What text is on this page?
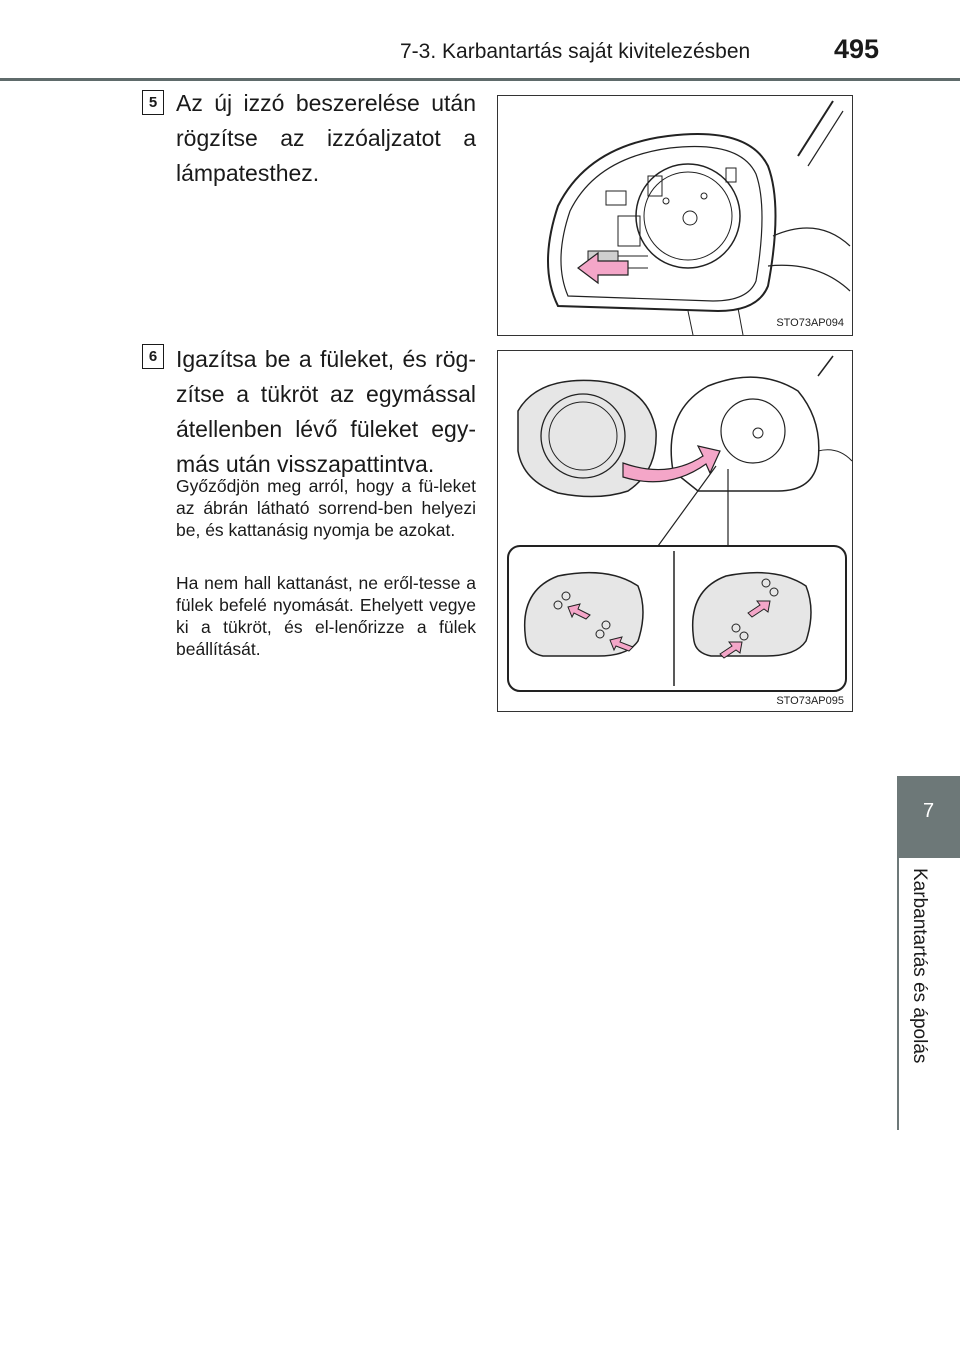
7-3. Karbantartás saját kivitelezésben	495
7
Karbantartás és ápolás
5 Az új izzó beszerelése után rögzítse az izzóaljzatot a lámpatesthez.
STO73AP094
6 Igazítsa be a füleket, és rög-zítse a tükröt az egymással átellenben lévő füleket egy-más után visszapattintva.
Győződjön meg arról, hogy a fü-leket az ábrán látható sorrend-ben helyezi be, és kattanásig nyomja be azokat.
Ha nem hall kattanást, ne eről-tesse a fülek befelé nyomását. Ehelyett vegye ki a tükröt, és el-lenőrizze a fülek beállítását.
STO73AP095
